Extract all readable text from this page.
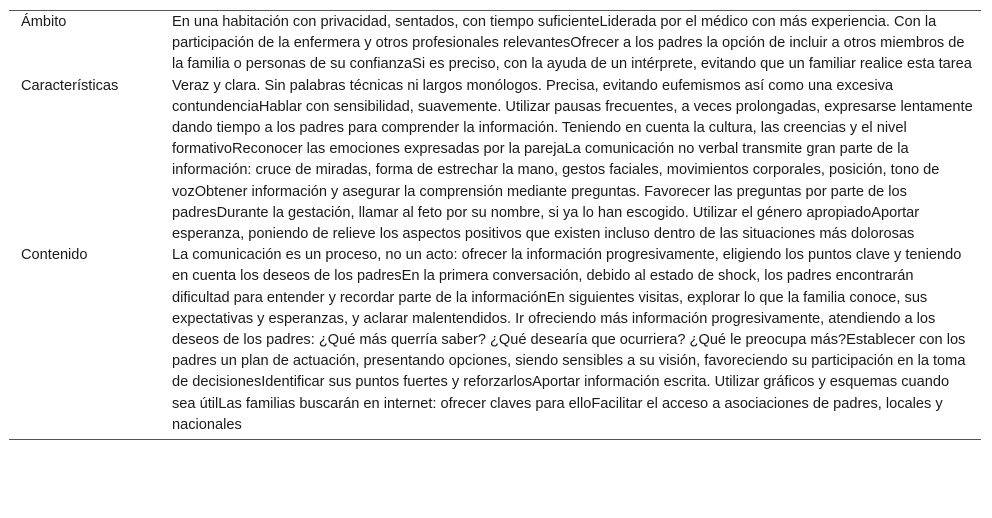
Ámbito	En una habitación con privacidad, sentados, con tiempo suficienteLiderada por el médico con más experiencia. Con la participación de la enfermera y otros profesionales relevantesOfrecer a los padres la opción de incluir a otros miembros de la familia o personas de su confianzaSi es preciso, con la ayuda de un intérprete, evitando que un familiar realice esta tarea
Características	Veraz y clara. Sin palabras técnicas ni largos monólogos. Precisa, evitando eufemismos así como una excesiva contundenciaHablar con sensibilidad, suavemente. Utilizar pausas frecuentes, a veces prolongadas, expresarse lentamente dando tiempo a los padres para comprender la información. Teniendo en cuenta la cultura, las creencias y el nivel formativoReconocer las emociones expresadas por la parejaLa comunicación no verbal transmite gran parte de la información: cruce de miradas, forma de estrechar la mano, gestos faciales, movimientos corporales, posición, tono de vozObtener información y asegurar la comprensión mediante preguntas. Favorecer las preguntas por parte de los padresDurante la gestación, llamar al feto por su nombre, si ya lo han escogido. Utilizar el género apropiadoAportar esperanza, poniendo de relieve los aspectos positivos que existen incluso dentro de las situaciones más dolorosas
Contenido	La comunicación es un proceso, no un acto: ofrecer la información progresivamente, eligiendo los puntos clave y teniendo en cuenta los deseos de los padresEn la primera conversación, debido al estado de shock, los padres encontrarán dificultad para entender y recordar parte de la informaciónEn siguientes visitas, explorar lo que la familia conoce, sus expectativas y esperanzas, y aclarar malentendidos. Ir ofreciendo más información progresivamente, atendiendo a los deseos de los padres: ¿Qué más querría saber? ¿Qué desearía que ocurriera? ¿Qué le preocupa más?Establecer con los padres un plan de actuación, presentando opciones, siendo sensibles a su visión, favoreciendo su participación en la toma de decisionesIdentificar sus puntos fuertes y reforzarlosAportar información escrita. Utilizar gráficos y esquemas cuando sea útilLas familias buscarán en internet: ofrecer claves para elloFacilitar el acceso a asociaciones de padres, locales y nacionales
